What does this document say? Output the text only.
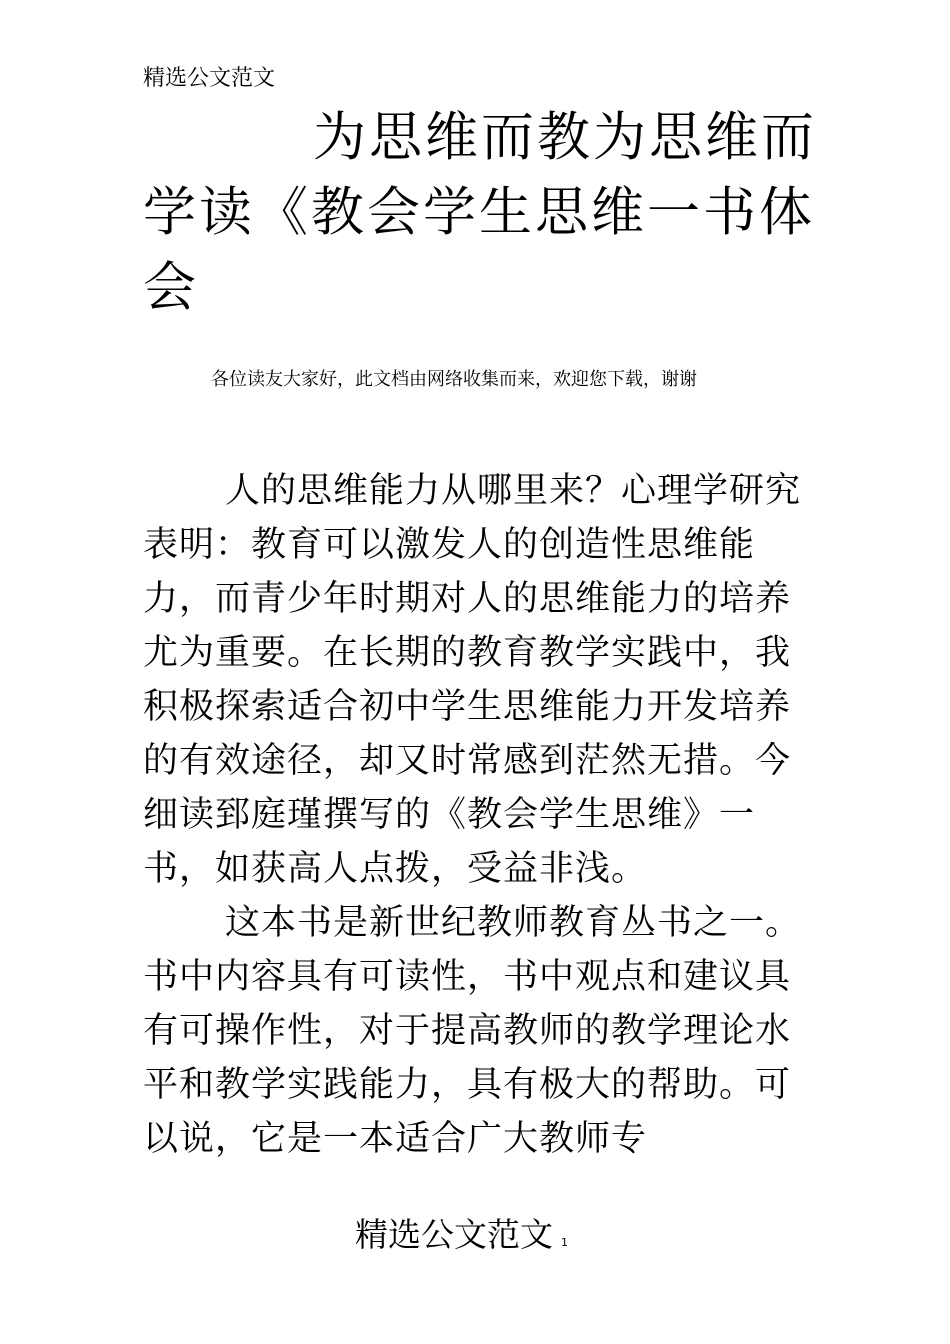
精选公文范文
为思维而教为思维而学读《教会学生思维一书体会
各位读友大家好，此文档由网络收集而来，欢迎您下载，谢谢

人的思维能力从哪里来？心理学研究表明：教育可以激发人的创造性思维能力，而青少年时期对人的思维能力的培养尤为重要。在长期的教育教学实践中，我积极探索适合初中学生思维能力开发培养的有效途径，却又时常感到茫然无措。今细读郅庭瑾撰写的《教会学生思维》一书，如获高人点拨，受益非浅。

这本书是新世纪教师教育丛书之一。书中内容具有可读性，书中观点和建议具有可操作性，对于提高教师的教学理论水平和教学实践能力，具有极大的帮助。可以说，它是一本适合广大教师专

精选公文范文 1
